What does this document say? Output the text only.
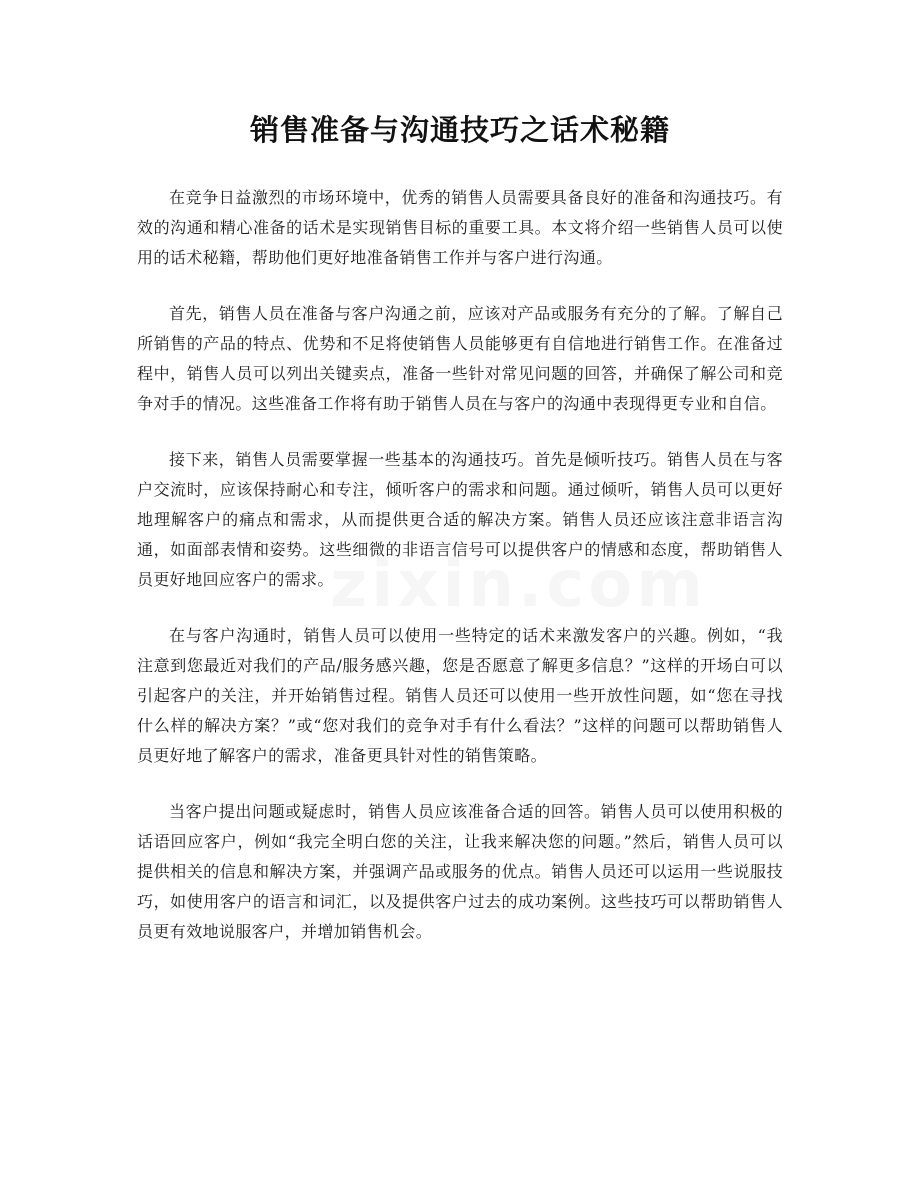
销售准备与沟通技巧之话术秘籍

在竞争日益激烈的市场环境中，优秀的销售人员需要具备良好的准备和沟通技巧。有效的沟通和精心准备的话术是实现销售目标的重要工具。本文将介绍一些销售人员可以使用的话术秘籍，帮助他们更好地准备销售工作并与客户进行沟通。

首先，销售人员在准备与客户沟通之前，应该对产品或服务有充分的了解。了解自己所销售的产品的特点、优势和不足将使销售人员能够更有自信地进行销售工作。在准备过程中，销售人员可以列出关键卖点，准备一些针对常见问题的回答，并确保了解公司和竞争对手的情况。这些准备工作将有助于销售人员在与客户的沟通中表现得更专业和自信。

接下来，销售人员需要掌握一些基本的沟通技巧。首先是倾听技巧。销售人员在与客户交流时，应该保持耐心和专注，倾听客户的需求和问题。通过倾听，销售人员可以更好地理解客户的痛点和需求，从而提供更合适的解决方案。销售人员还应该注意非语言沟通，如面部表情和姿势。这些细微的非语言信号可以提供客户的情感和态度，帮助销售人员更好地回应客户的需求。

在与客户沟通时，销售人员可以使用一些特定的话术来激发客户的兴趣。例如，“我注意到您最近对我们的产品/服务感兴趣，您是否愿意了解更多信息？”这样的开场白可以引起客户的关注，并开始销售过程。销售人员还可以使用一些开放性问题，如“您在寻找什么样的解决方案？”或“您对我们的竞争对手有什么看法？”这样的问题可以帮助销售人员更好地了解客户的需求，准备更具针对性的销售策略。

当客户提出问题或疑虑时，销售人员应该准备合适的回答。销售人员可以使用积极的话语回应客户，例如“我完全明白您的关注，让我来解决您的问题。”然后，销售人员可以提供相关的信息和解决方案，并强调产品或服务的优点。销售人员还可以运用一些说服技巧，如使用客户的语言和词汇，以及提供客户过去的成功案例。这些技巧可以帮助销售人员更有效地说服客户，并增加销售机会。
